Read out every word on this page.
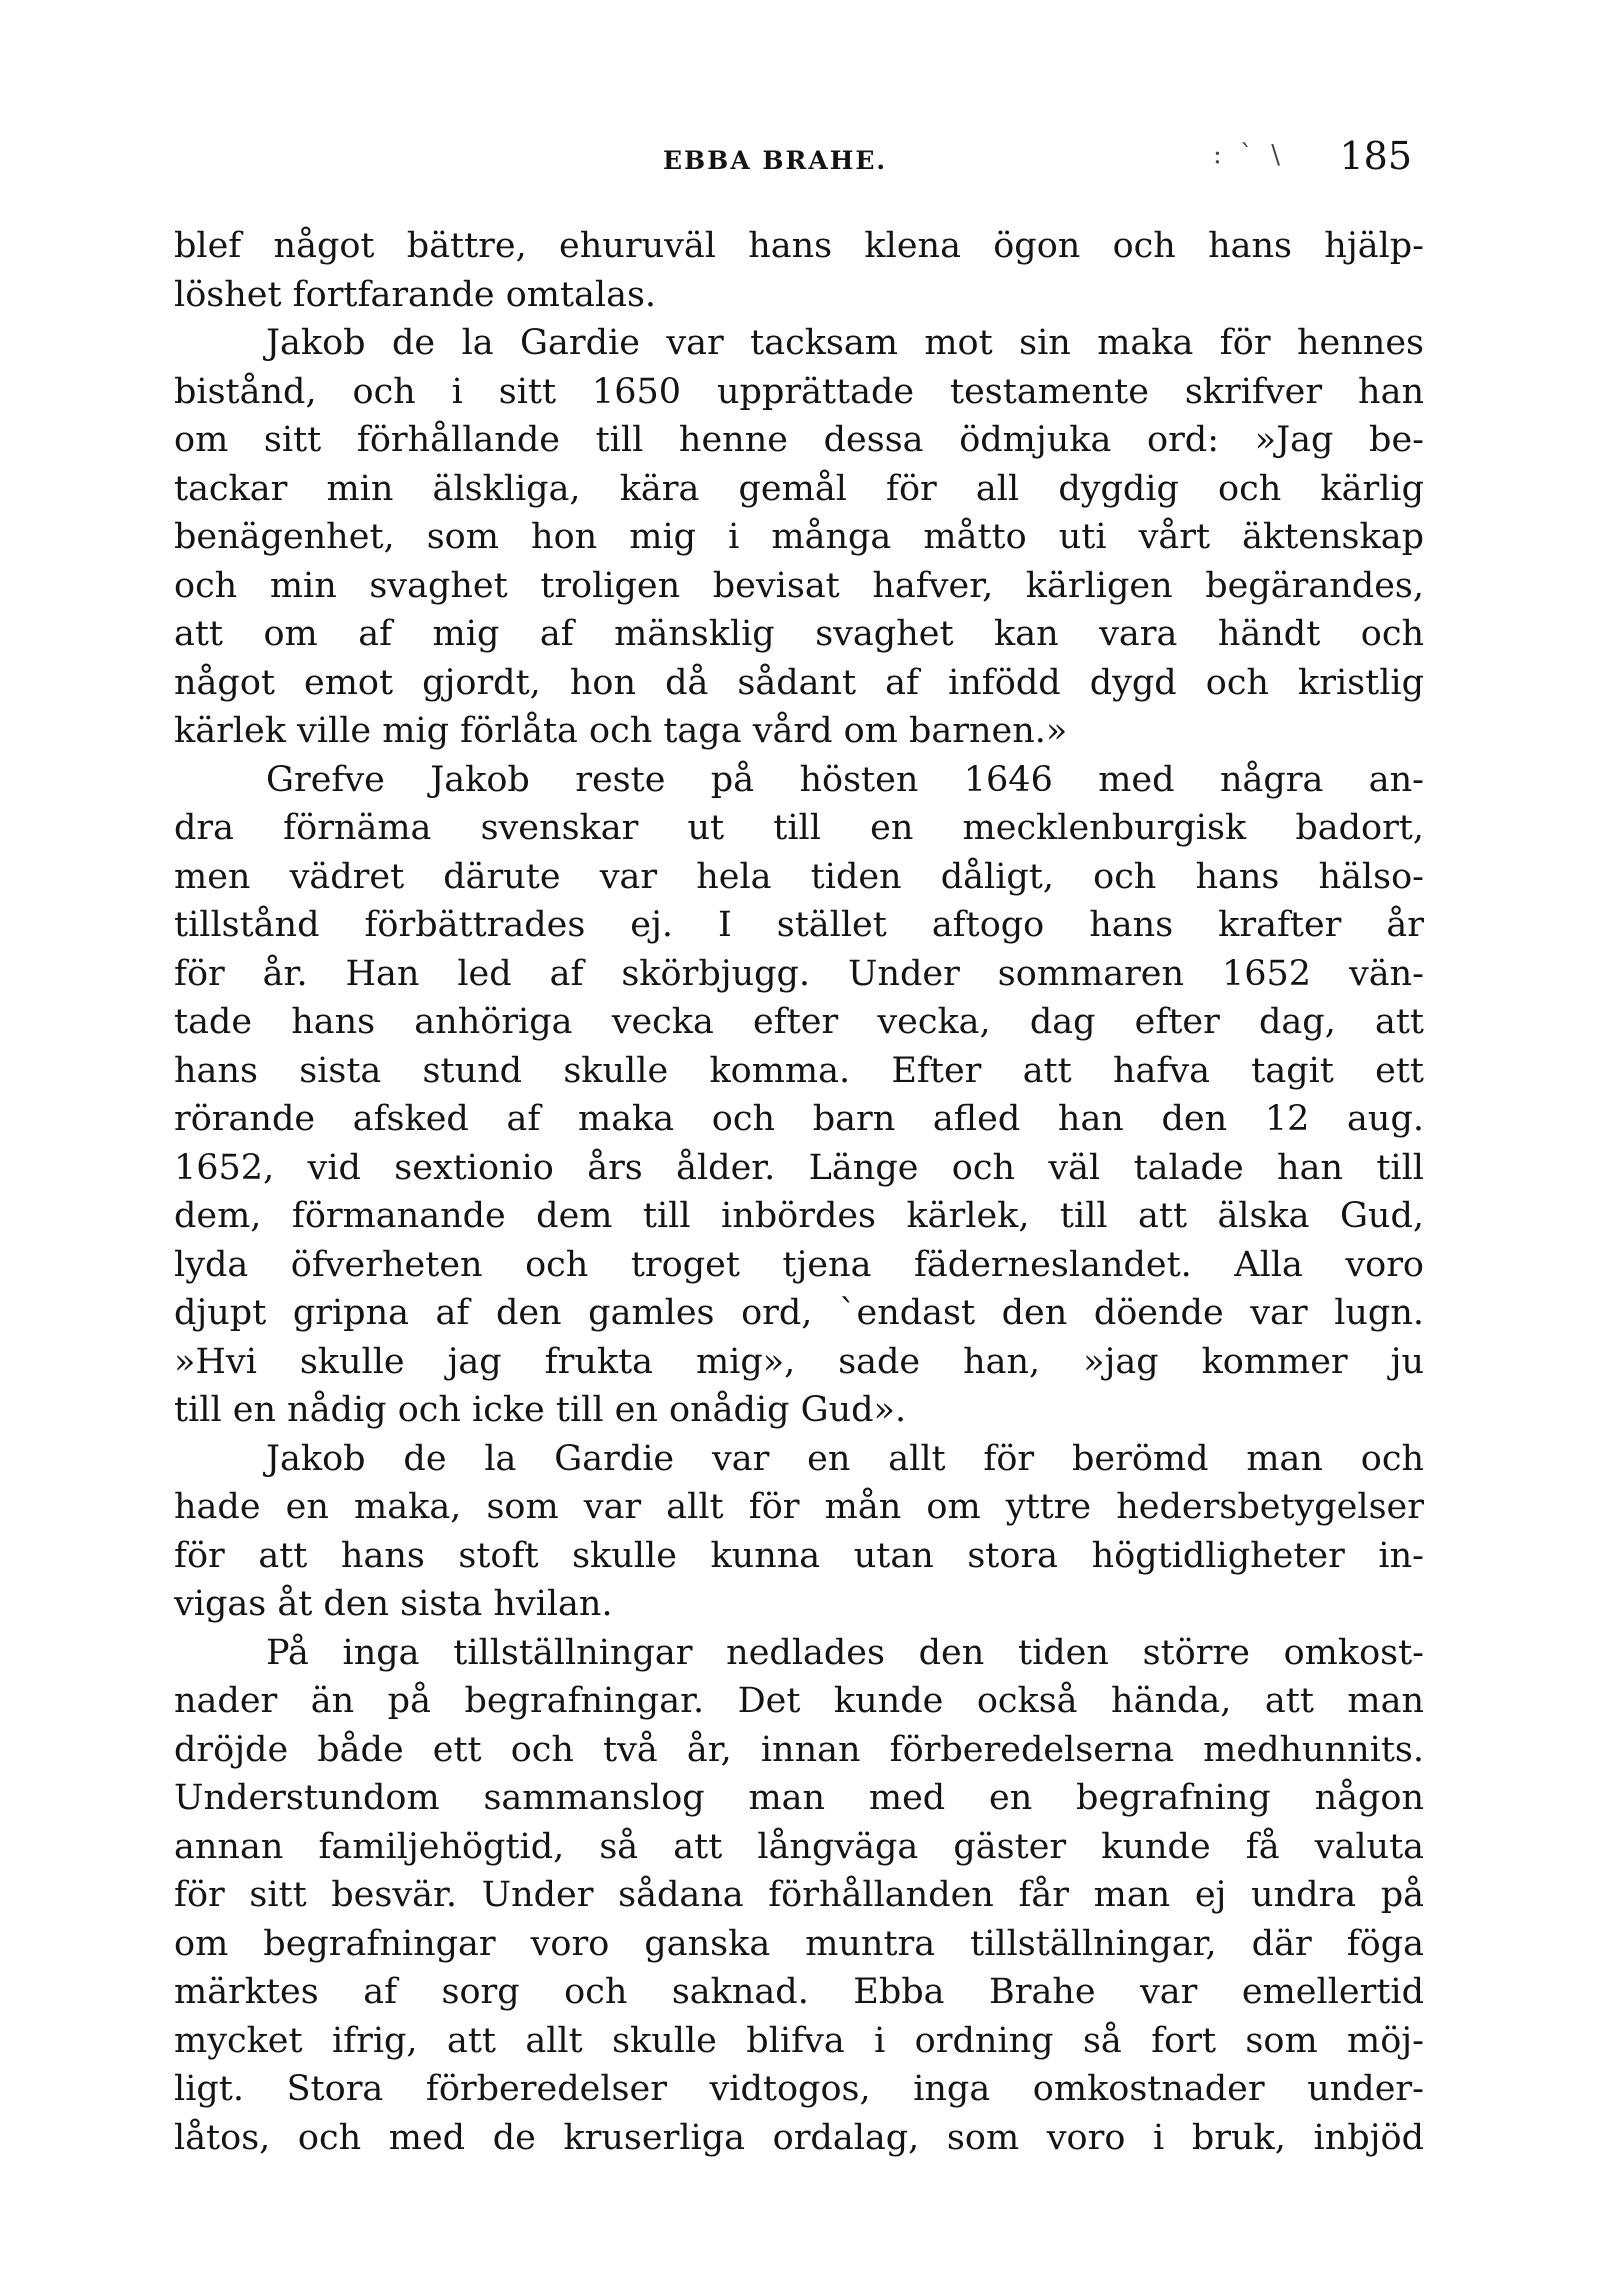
EBBA BRAHE.	: ` \ 185
blef något bättre, ehuruväl hans klena ögon och hans hjälp-
löshet fortfarande omtalas.
Jakob de la Gardie var tacksam mot sin maka för hennes
bistånd, och i sitt 1650 upprättade testamente skrifver han
om sitt förhållande till henne dessa ödmjuka ord: »Jag be-
tackar min älskliga, kära gemål för all dygdig och kärlig
benägenhet, som hon mig i många måtto uti vårt äktenskap
och min svaghet troligen bevisat hafver, kärligen begärandes,
att om af mig af mänsklig svaghet kan vara händt och
något emot gjordt, hon då sådant af infödd dygd och kristlig
kärlek ville mig förlåta och taga vård om barnen.»
Grefve Jakob reste på hösten 1646 med några an-
dra förnäma svenskar ut till en mecklenburgisk badort,
men vädret därute var hela tiden dåligt, och hans hälso-
tillstånd förbättrades ej. I stället aftogo hans krafter år
för år. Han led af skörbjugg. Under sommaren 1652 vän-
tade hans anhöriga vecka efter vecka, dag efter dag, att
hans sista stund skulle komma. Efter att hafva tagit ett
rörande afsked af maka och barn afled han den 12 aug.
1652, vid sextionio års ålder. Länge och väl talade han till
dem, förmanande dem till inbördes kärlek, till att älska Gud,
lyda öfverheten och troget tjena fäderneslandet. Alla voro
djupt gripna af den gamles ord, `endast den döende var lugn.
»Hvi skulle jag frukta mig», sade han, »jag kommer ju
till en nådig och icke till en onådig Gud».
Jakob de la Gardie var en allt för berömd man och
hade en maka, som var allt för mån om yttre hedersbetygelser
för att hans stoft skulle kunna utan stora högtidligheter in-
vigas åt den sista hvilan.
På inga tillställningar nedlades den tiden större omkost-
nader än på begrafningar. Det kunde också hända, att man
dröjde både ett och två år, innan förberedelserna medhunnits.
Understundom sammanslog man med en begrafning någon
annan familjehögtid, så att långväga gäster kunde få valuta
för sitt besvär. Under sådana förhållanden får man ej undra på
om begrafningar voro ganska muntra tillställningar, där föga
märktes af sorg och saknad. Ebba Brahe var emellertid
mycket ifrig, att allt skulle blifva i ordning så fort som möj-
ligt. Stora förberedelser vidtogos, inga omkostnader under-
låtos, och med de kruserliga ordalag, som voro i bruk, inbjöd
